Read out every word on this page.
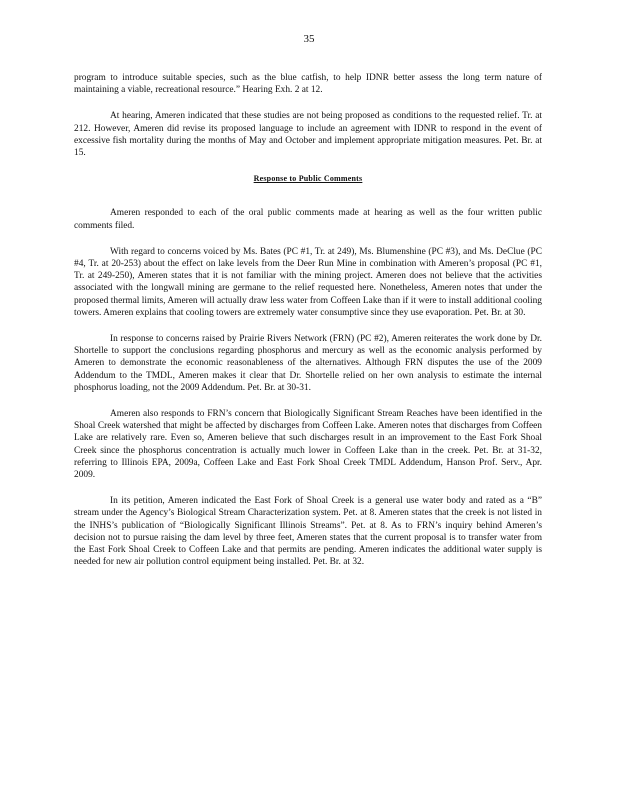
35

program to introduce suitable species, such as the blue catfish, to help IDNR better assess the long term nature of maintaining a viable, recreational resource.” Hearing Exh. 2 at 12.

At hearing, Ameren indicated that these studies are not being proposed as conditions to the requested relief. Tr. at 212. However, Ameren did revise its proposed language to include an agreement with IDNR to respond in the event of excessive fish mortality during the months of May and October and implement appropriate mitigation measures. Pet. Br. at 15.

Response to Public Comments

Ameren responded to each of the oral public comments made at hearing as well as the four written public comments filed.

With regard to concerns voiced by Ms. Bates (PC #1, Tr. at 249), Ms. Blumenshine (PC #3), and Ms. DeClue (PC #4, Tr. at 20-253) about the effect on lake levels from the Deer Run Mine in combination with Ameren’s proposal (PC #1, Tr. at 249-250), Ameren states that it is not familiar with the mining project. Ameren does not believe that the activities associated with the longwall mining are germane to the relief requested here. Nonetheless, Ameren notes that under the proposed thermal limits, Ameren will actually draw less water from Coffeen Lake than if it were to install additional cooling towers. Ameren explains that cooling towers are extremely water consumptive since they use evaporation. Pet. Br. at 30.

In response to concerns raised by Prairie Rivers Network (FRN) (PC #2), Ameren reiterates the work done by Dr. Shortelle to support the conclusions regarding phosphorus and mercury as well as the economic analysis performed by Ameren to demonstrate the economic reasonableness of the alternatives. Although FRN disputes the use of the 2009 Addendum to the TMDL, Ameren makes it clear that Dr. Shortelle relied on her own analysis to estimate the internal phosphorus loading, not the 2009 Addendum. Pet. Br. at 30-31.

Ameren also responds to FRN’s concern that Biologically Significant Stream Reaches have been identified in the Shoal Creek watershed that might be affected by discharges from Coffeen Lake. Ameren notes that discharges from Coffeen Lake are relatively rare. Even so, Ameren believe that such discharges result in an improvement to the East Fork Shoal Creek since the phosphorus concentration is actually much lower in Coffeen Lake than in the creek. Pet. Br. at 31-32, referring to Illinois EPA, 2009a, Coffeen Lake and East Fork Shoal Creek TMDL Addendum, Hanson Prof. Serv., Apr. 2009.

In its petition, Ameren indicated the East Fork of Shoal Creek is a general use water body and rated as a “B” stream under the Agency’s Biological Stream Characterization system. Pet. at 8. Ameren states that the creek is not listed in the INHS’s publication of “Biologically Significant Illinois Streams”. Pet. at 8. As to FRN’s inquiry behind Ameren’s decision not to pursue raising the dam level by three feet, Ameren states that the current proposal is to transfer water from the East Fork Shoal Creek to Coffeen Lake and that permits are pending. Ameren indicates the additional water supply is needed for new air pollution control equipment being installed. Pet. Br. at 32.
